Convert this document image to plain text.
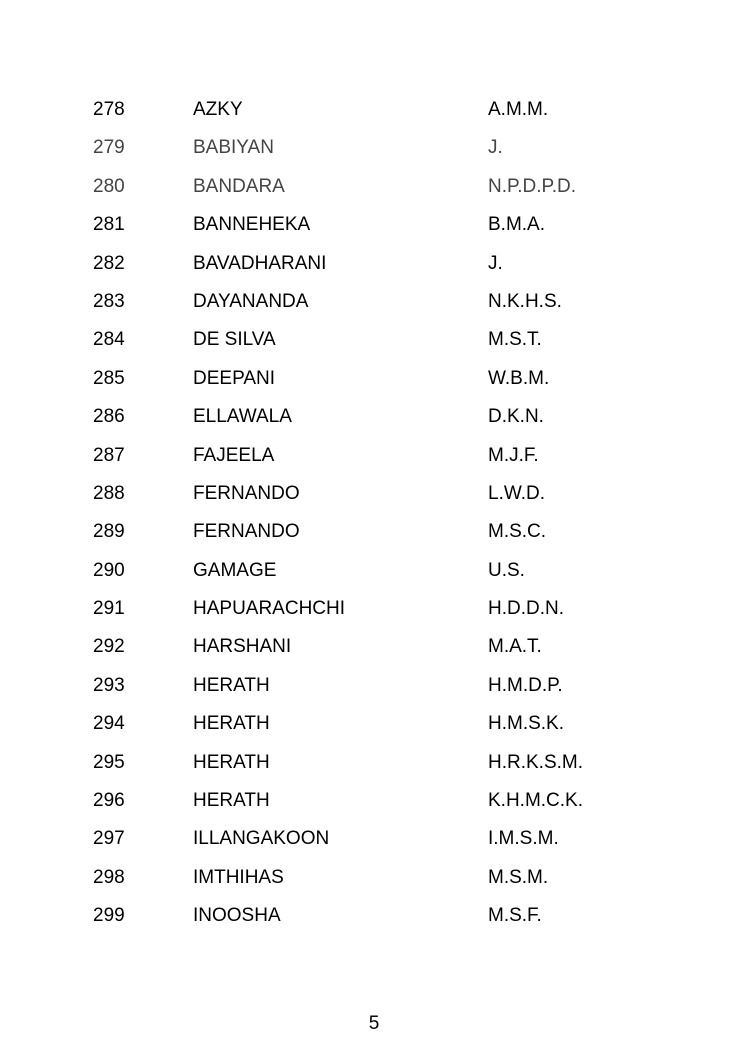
278	AZKY	A.M.M.
279	BABIYAN	J.
280	BANDARA	N.P.D.P.D.
281	BANNEHEKA	B.M.A.
282	BAVADHARANI	J.
283	DAYANANDA	N.K.H.S.
284	DE SILVA	M.S.T.
285	DEEPANI	W.B.M.
286	ELLAWALA	D.K.N.
287	FAJEELA	M.J.F.
288	FERNANDO	L.W.D.
289	FERNANDO	M.S.C.
290	GAMAGE	U.S.
291	HAPUARACHCHI	H.D.D.N.
292	HARSHANI	M.A.T.
293	HERATH	H.M.D.P.
294	HERATH	H.M.S.K.
295	HERATH	H.R.K.S.M.
296	HERATH	K.H.M.C.K.
297	ILLANGAKOON	I.M.S.M.
298	IMTHIHAS	M.S.M.
299	INOOSHA	M.S.F.
5
